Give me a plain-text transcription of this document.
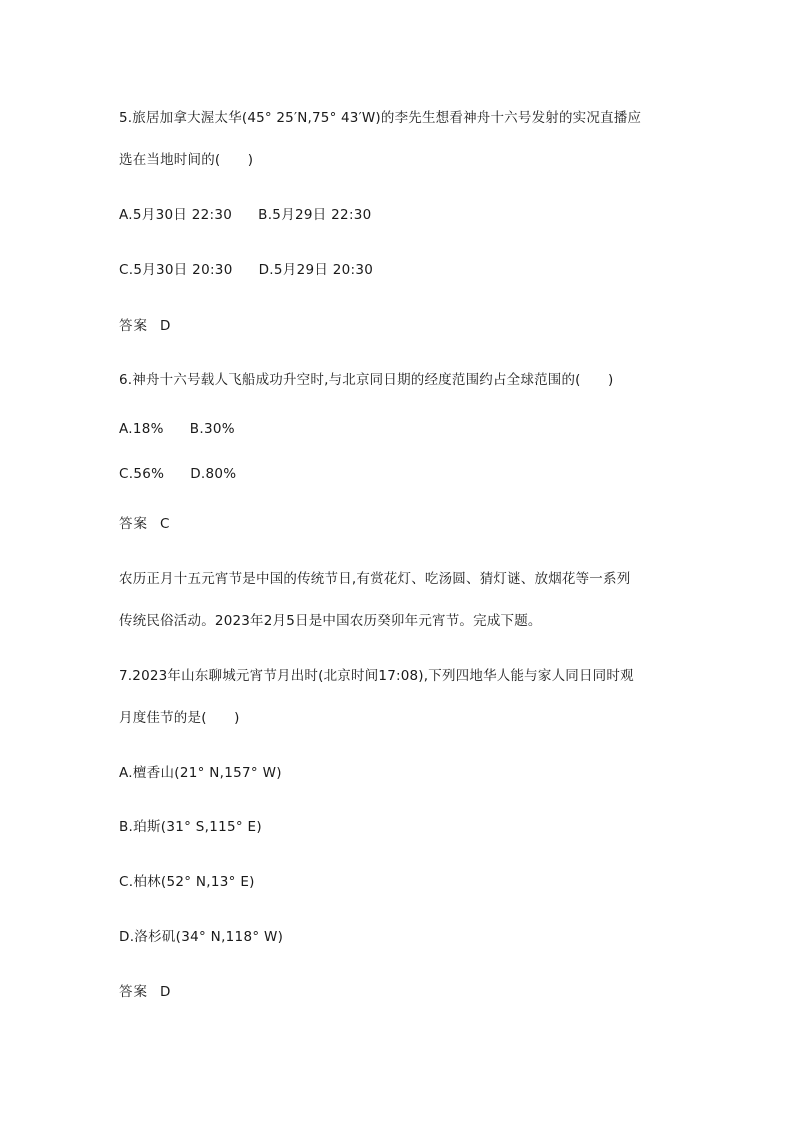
5.旅居加拿大渥太华(45° 25′N,75° 43′W)的李先生想看神舟十六号发射的实况直播应
选在当地时间的(　　)
A.5月30日 22:30 B.5月29日 22:30
C.5月30日 20:30 D.5月29日 20:30
答案 D
6.神舟十六号载人飞船成功升空时,与北京同日期的经度范围约占全球范围的(　　)
A.18% B.30%
C.56% D.80%
答案 C
农历正月十五元宵节是中国的传统节日,有赏花灯、吃汤圆、猜灯谜、放烟花等一系列
传统民俗活动。2023年2月5日是中国农历癸卯年元宵节。完成下题。
7.2023年山东聊城元宵节月出时(北京时间17:08),下列四地华人能与家人同日同时观
月度佳节的是(　　)
A.檀香山(21° N,157° W)
B.珀斯(31° S,115° E)
C.柏林(52° N,13° E)
D.洛杉矶(34° N,118° W)
答案 D
